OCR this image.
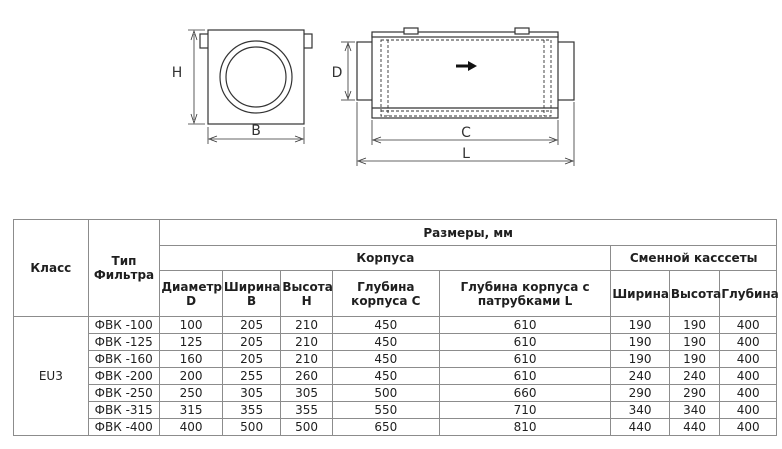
H
B
D
C
L
Класс	Тип Фильтра	Размеры, мм							
		Корпуса					Сменной касссеты		
		Диаметр D	Ширина B	Высота H	Глубина корпуса C	Глубина корпуса с патрубками L	Ширина	Высота	Глубина
EU3	ФВК -100	100	205	210	450	610	190	190	400
	ФВК -125	125	205	210	450	610	190	190	400
	ФВК -160	160	205	210	450	610	190	190	400
	ФВК -200	200	255	260	450	610	240	240	400
	ФВК -250	250	305	305	500	660	290	290	400
	ФВК -315	315	355	355	550	710	340	340	400
	ФВК -400	400	500	500	650	810	440	440	400
